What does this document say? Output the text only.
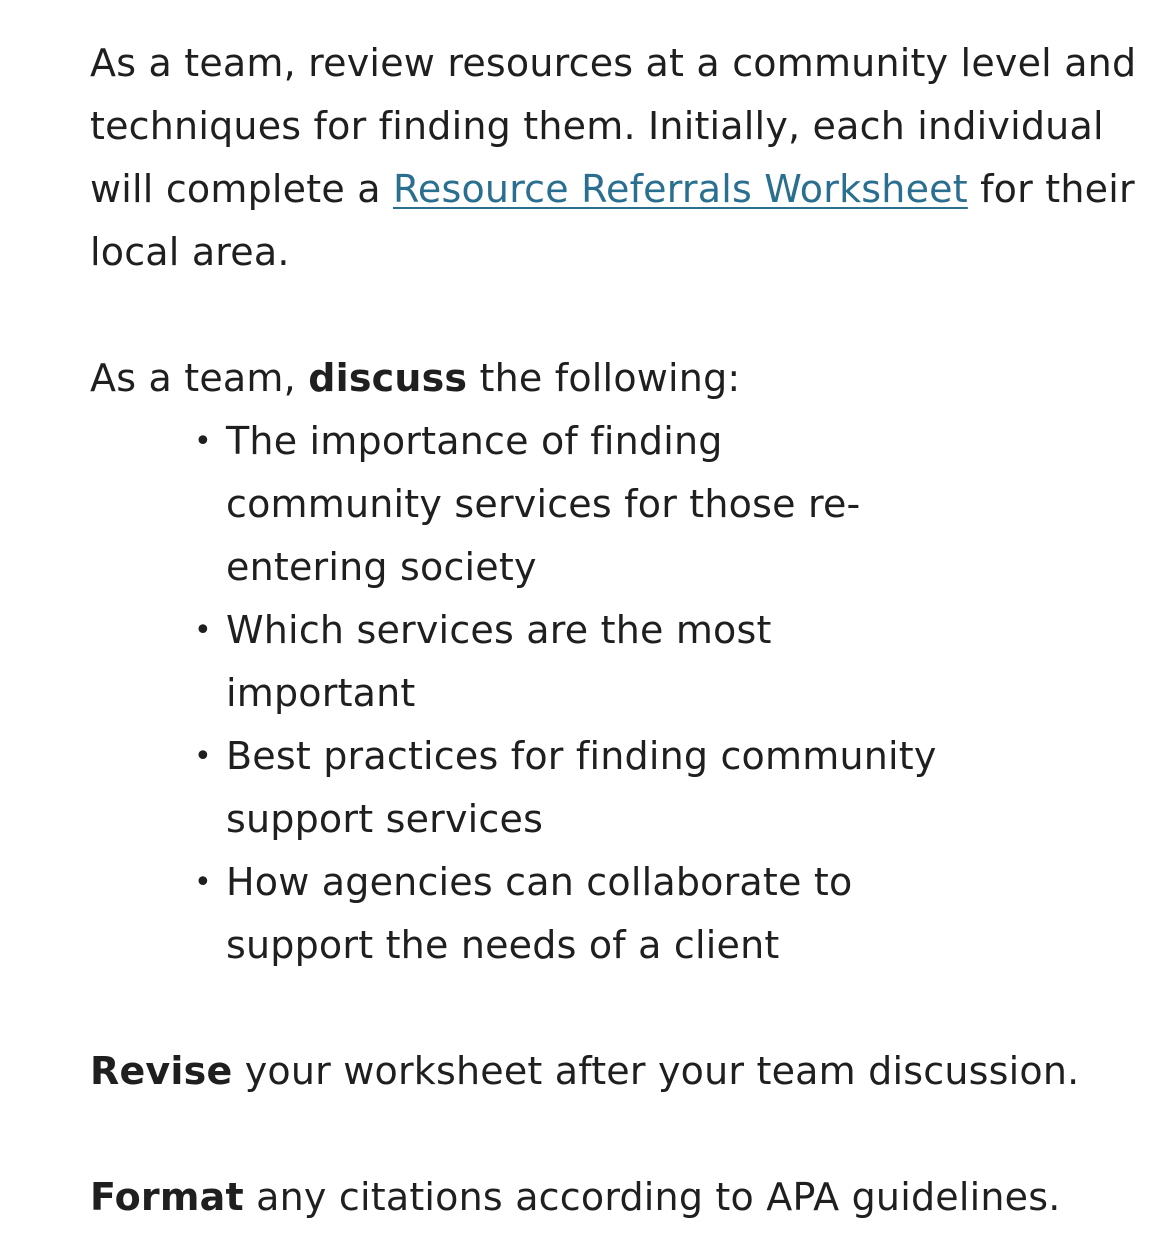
As a team, review resources at a community level and techniques for finding them. Initially, each individual will complete a Resource Referrals Worksheet for their local area.

As a team, discuss the following:

• The importance of finding community services for those re-entering society
• Which services are the most important
• Best practices for finding community support services
• How agencies can collaborate to support the needs of a client

Revise your worksheet after your team discussion.

Format any citations according to APA guidelines.
